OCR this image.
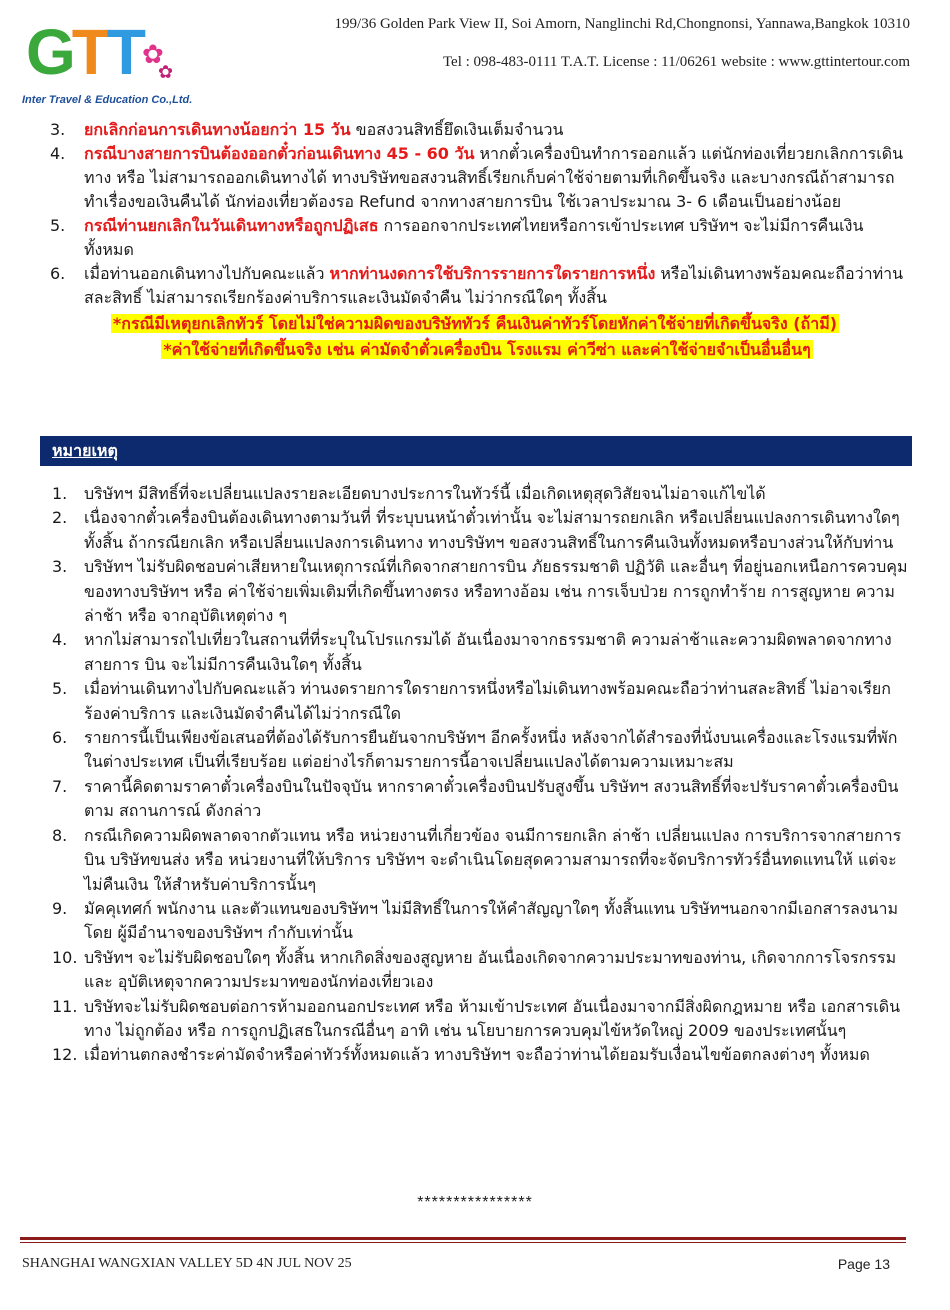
GTT ✿
✿
Inter Travel & Education Co.,Ltd.
199/36 Golden Park View II, Soi Amorn, Nanglinchi Rd,Chongnonsi, Yannawa,Bangkok 10310
Tel : 098-483-0111 T.A.T. License : 11/06261 website : www.gttintertour.com
3. ยกเลิกก่อนการเดินทางน้อยกว่า 15 วัน ขอสงวนสิทธิ์ยึดเงินเต็มจำนวน
4. กรณีบางสายการบินต้องออกตั๋วก่อนเดินทาง 45 - 60 วัน หากตั๋วเครื่องบินทำการออกแล้ว แต่นักท่องเที่ยวยกเลิกการเดินทาง หรือ ไม่สามารถออกเดินทางได้ ทางบริษัทขอสงวนสิทธิ์เรียกเก็บค่าใช้จ่ายตามที่เกิดขึ้นจริง และบางกรณีถ้าสามารถทำเรื่องขอเงินคืนได้ นักท่องเที่ยวต้องรอ Refund จากทางสายการบิน ใช้เวลาประมาณ 3- 6 เดือนเป็นอย่างน้อย
5. กรณีท่านยกเลิกในวันเดินทางหรือถูกปฏิเสธ การออกจากประเทศไทยหรือการเข้าประเทศ บริษัทฯ จะไม่มีการคืนเงินทั้งหมด
6. เมื่อท่านออกเดินทางไปกับคณะแล้ว หากท่านงดการใช้บริการรายการใดรายการหนึ่ง หรือไม่เดินทางพร้อมคณะถือว่าท่านสละสิทธิ์ ไม่สามารถเรียกร้องค่าบริการและเงินมัดจำคืน ไม่ว่ากรณีใดๆ ทั้งสิ้น
*กรณีมีเหตุยกเลิกทัวร์ โดยไม่ใช่ความผิดของบริษัททัวร์ คืนเงินค่าทัวร์โดยหักค่าใช้จ่ายที่เกิดขึ้นจริง (ถ้ามี)
*ค่าใช้จ่ายที่เกิดขึ้นจริง เช่น ค่ามัดจำตั๋วเครื่องบิน โรงแรม ค่าวีซ่า และค่าใช้จ่ายจำเป็นอื่นอื่นๆ
หมายเหตุ
1. บริษัทฯ มีสิทธิ์ที่จะเปลี่ยนแปลงรายละเอียดบางประการในทัวร์นี้ เมื่อเกิดเหตุสุดวิสัยจนไม่อาจแก้ไขได้
2. เนื่องจากตั๋วเครื่องบินต้องเดินทางตามวันที่ ที่ระบุบนหน้าตั๋วเท่านั้น จะไม่สามารถยกเลิก หรือเปลี่ยนแปลงการเดินทางใดๆ ทั้งสิ้น ถ้ากรณียกเลิก หรือเปลี่ยนแปลงการเดินทาง ทางบริษัทฯ ขอสงวนสิทธิ์ในการคืนเงินทั้งหมดหรือบางส่วนให้กับท่าน
3. บริษัทฯ ไม่รับผิดชอบค่าเสียหายในเหตุการณ์ที่เกิดจากสายการบิน ภัยธรรมชาติ ปฏิวัติ และอื่นๆ ที่อยู่นอกเหนือการควบคุม ของทางบริษัทฯ หรือ ค่าใช้จ่ายเพิ่มเติมที่เกิดขึ้นทางตรง หรือทางอ้อม เช่น การเจ็บป่วย การถูกทำร้าย การสูญหาย ความล่าช้า หรือ จากอุบัติเหตุต่าง ๆ
4. หากไม่สามารถไปเที่ยวในสถานที่ที่ระบุในโปรแกรมได้ อันเนื่องมาจากธรรมชาติ ความล่าช้าและความผิดพลาดจากทางสายการ บิน จะไม่มีการคืนเงินใดๆ ทั้งสิ้น
5. เมื่อท่านเดินทางไปกับคณะแล้ว ท่านงดรายการใดรายการหนึ่งหรือไม่เดินทางพร้อมคณะถือว่าท่านสละสิทธิ์ ไม่อาจเรียกร้องค่าบริการ และเงินมัดจำคืนได้ไม่ว่ากรณีใด
6. รายการนี้เป็นเพียงข้อเสนอที่ต้องได้รับการยืนยันจากบริษัทฯ อีกครั้งหนึ่ง หลังจากได้สำรองที่นั่งบนเครื่องและโรงแรมที่พักในต่างประเทศ เป็นที่เรียบร้อย แต่อย่างไรก็ตามรายการนี้อาจเปลี่ยนแปลงได้ตามความเหมาะสม
7. ราคานี้คิดตามราคาตั๋วเครื่องบินในปัจจุบัน หากราคาตั๋วเครื่องบินปรับสูงขึ้น บริษัทฯ สงวนสิทธิ์ที่จะปรับราคาตั๋วเครื่องบินตาม สถานการณ์ ดังกล่าว
8. กรณีเกิดความผิดพลาดจากตัวแทน หรือ หน่วยงานที่เกี่ยวข้อง จนมีการยกเลิก ล่าช้า เปลี่ยนแปลง การบริการจากสายการบิน บริษัทขนส่ง หรือ หน่วยงานที่ให้บริการ บริษัทฯ จะดำเนินโดยสุดความสามารถที่จะจัดบริการทัวร์อื่นทดแทนให้ แต่จะไม่คืนเงิน ให้สำหรับค่าบริการนั้นๆ
9. มัคคุเทศก์ พนักงาน และตัวแทนของบริษัทฯ ไม่มีสิทธิ์ในการให้คำสัญญาใดๆ ทั้งสิ้นแทน บริษัทฯนอกจากมีเอกสารลงนามโดย ผู้มีอำนาจของบริษัทฯ กำกับเท่านั้น
10. บริษัทฯ จะไม่รับผิดชอบใดๆ ทั้งสิ้น หากเกิดสิ่งของสูญหาย อันเนื่องเกิดจากความประมาทของท่าน, เกิดจากการโจรกรรม และ อุบัติเหตุจากความประมาทของนักท่องเที่ยวเอง
11. บริษัทจะไม่รับผิดชอบต่อการห้ามออกนอกประเทศ หรือ ห้ามเข้าประเทศ อันเนื่องมาจากมีสิ่งผิดกฎหมาย หรือ เอกสารเดินทาง ไม่ถูกต้อง หรือ การถูกปฏิเสธในกรณีอื่นๆ อาทิ เช่น นโยบายการควบคุมไข้หวัดใหญ่ 2009 ของประเทศนั้นๆ
12. เมื่อท่านตกลงชำระค่ามัดจำหรือค่าทัวร์ทั้งหมดแล้ว ทางบริษัทฯ จะถือว่าท่านได้ยอมรับเงื่อนไขข้อตกลงต่างๆ ทั้งหมด
****************
SHANGHAI WANGXIAN VALLEY 5D 4N JUL NOV 25	Page 13
